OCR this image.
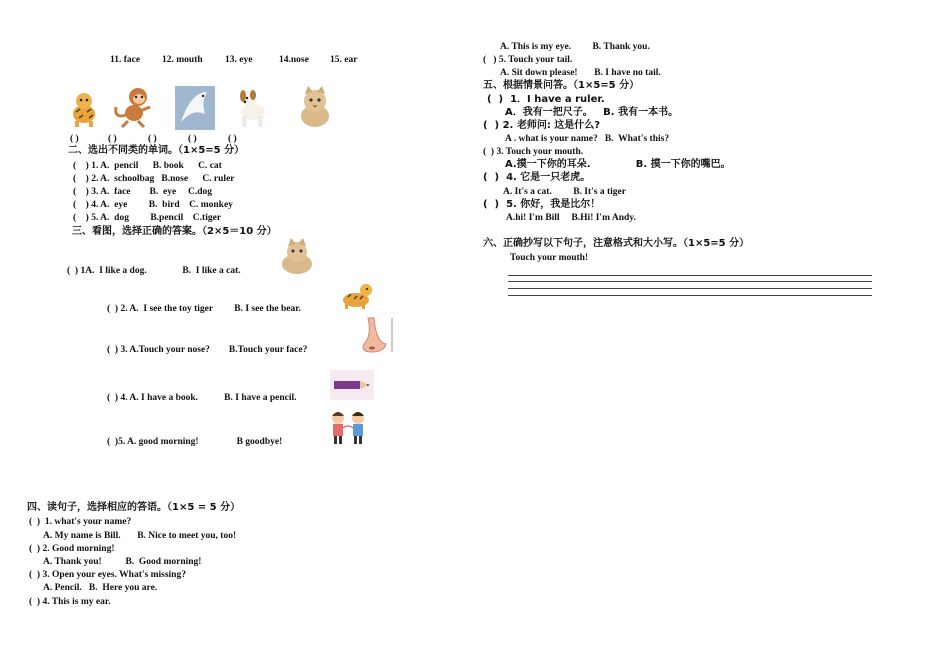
11. face 12. mouth 13. eye	14.nose 15. ear
( )	( )	( )	( )	( )
二、选出不同类的单词。（1×5=5 分）
(    ) 1. A.  pencil      B. book      C. cat
(    ) 2. A.  schoolbag   B.nose      C. ruler
(    ) 3. A.  face        B.  eye     C.dog
(    ) 4. A.  eye         B.  bird    C. monkey
(    ) 5. A.  dog         B.pencil    C.tiger
三、看图，选择正确的答案。（2×5＝10 分）
(  ) 1A.  I like a dog.               B.  I like a cat.
(  ) 2. A.  I see the toy tiger         B. I see the bear.
(  ) 3. A.Touch your nose?        B.Touch your face?
(  ) 4. A. I have a book.           B. I have a pencil.
(  )5. A. good morning!                B goodbye!
四、读句子，选择相应的答语。（1×5 = 5 分）
(  )  1. what's your name?
A. My name is Bill.       B. Nice to meet you, too!
(  ) 2. Good morning!
A. Thank you!          B.  Good morning!
(  ) 3. Open your eyes. What's missing?
A. Pencil.   B.  Here you are.
(  ) 4. This is my ear.
A. This is my eye.         B. Thank you.
(   ) 5. Touch your tail.
A. Sit down please!       B. I have no tail.
五、根据情景问答。（1×5=5 分）
(  )  1．I have a ruler.
A．我有一把尺子。   B. 我有一本书。
(  ) 2. 老师问: 这是什么?
A . what is your name?   B.  What's this?
(  ) 3. Touch your mouth.
A.摸一下你的耳朵.             B. 摸一下你的嘴巴。
(  )  4. 它是一只老虎。
A. It's a cat.         B. It's a tiger
(  )  5. 你好，我是比尔！
A.hi! I'm Bill     B.Hi! I'm Andy.
六、正确抄写以下句子，注意格式和大小写。（1×5=5 分）
Touch your mouth!
